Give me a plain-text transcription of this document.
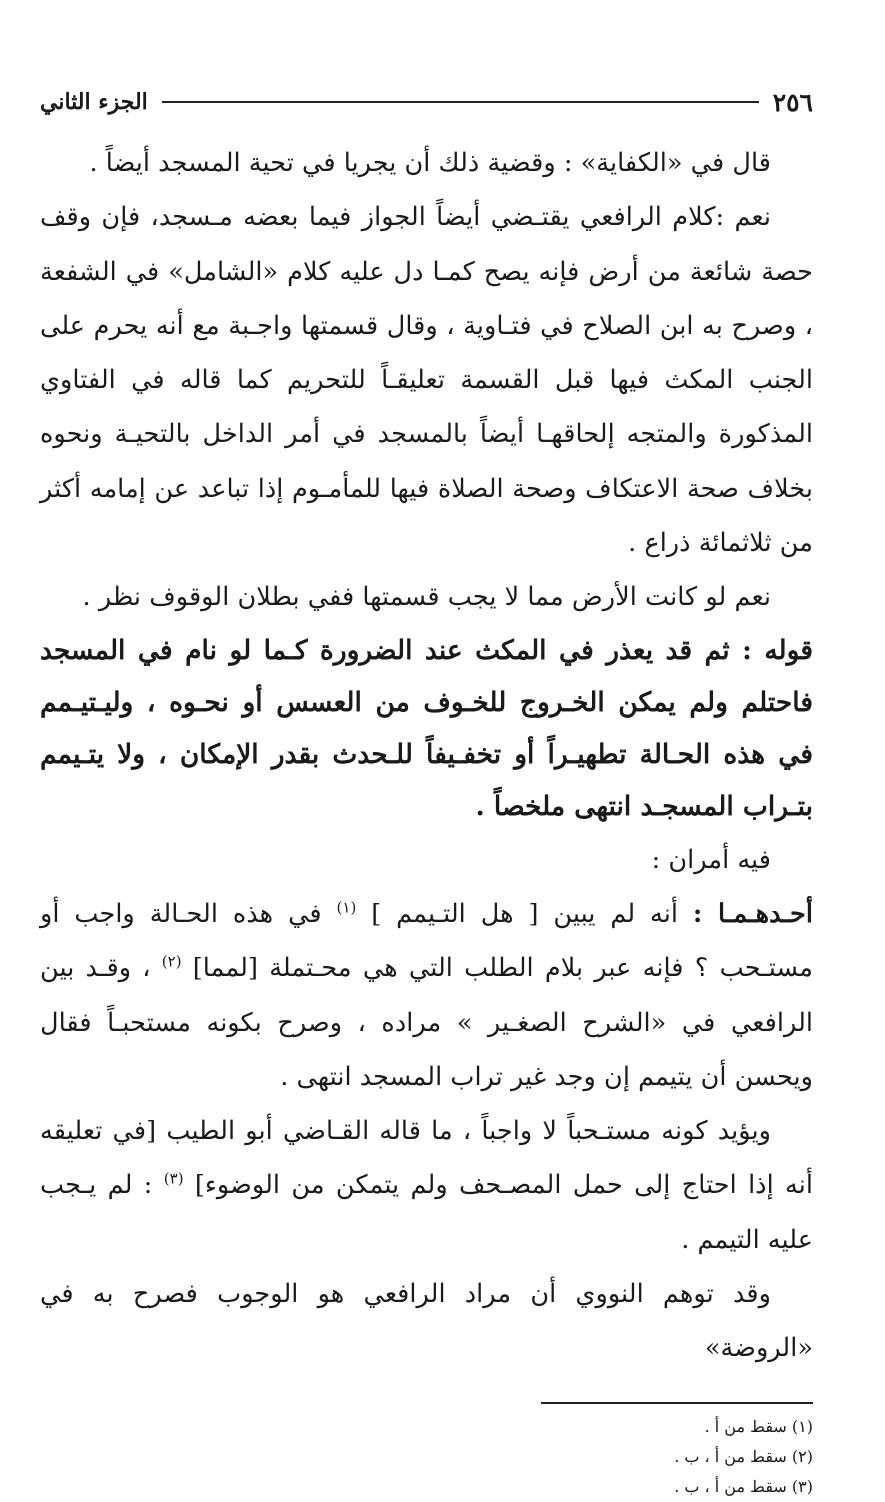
٢٥٦
الجزء الثاني

قال في «الكفاية» : وقضية ذلك أن يجريا في تحية المسجد أيضاً .

نعم :كلام الرافعي يقتـضي أيضاً الجواز فيما بعضه مـسجد، فإن وقف حصة شائعة من أرض فإنه يصح كمـا دل عليه كلام «الشامل» في الشفعة ، وصرح به ابن الصلاح في فتـاوية ، وقال قسمتها واجـبة مع أنه يحرم على الجنب المكث فيها قبل القسمة تعليقـاً للتحريم كما قاله في الفتاوي المذكورة والمتجه إلحاقهـا أيضاً بالمسجد في أمر الداخل بالتحيـة ونحوه بخلاف صحة الاعتكاف وصحة الصلاة فيها للمأمـوم إذا تباعد عن إمامه أكثر من ثلاثمائة ذراع .

نعم لو كانت الأرض مما لا يجب قسمتها ففي بطلان الوقوف نظر .

قوله : ثم قد يعذر في المكث عند الضرورة كـما لو نام في المسجد فاحتلم ولم يمكن الخـروج للخـوف من العسس أو نحـوه ، وليـتيـمم في هذه الحـالة تطهيـراً أو تخفـيفاً للـحدث بقدر الإمكان ، ولا يتـيمم بتـراب المسجـد انتهى ملخصاً .

فيه أمران :

أحـدهـمـا : أنه لم يبين [ هل التـيمم ] $^{(١)}$ في هذه الحـالة واجب أو مستـحب ؟ فإنه عبر بلام الطلب التي هي محـتملة [لمما] $^{(٢)}$ ، وقـد بين الرافعي في «الشرح الصغـير » مراده ، وصرح بكونه مستحبـاً فقال ويحسن أن يتيمم إن وجد غير تراب المسجد انتهى .

ويؤيد كونه مستـحباً لا واجباً ، ما قاله القـاضي أبو الطيب [في تعليقه أنه إذا احتاج إلى حمل المصـحف ولم يتمكن من الوضوء] $^{(٣)}$ : لم يـجب عليه التيمم .

وقد توهم النووي أن مراد الرافعي هو الوجوب فصرح به في «الروضة»

(١) سقط من أ .

(٢) سقط من أ ، ب .

(٣) سقط من أ ، ب .
